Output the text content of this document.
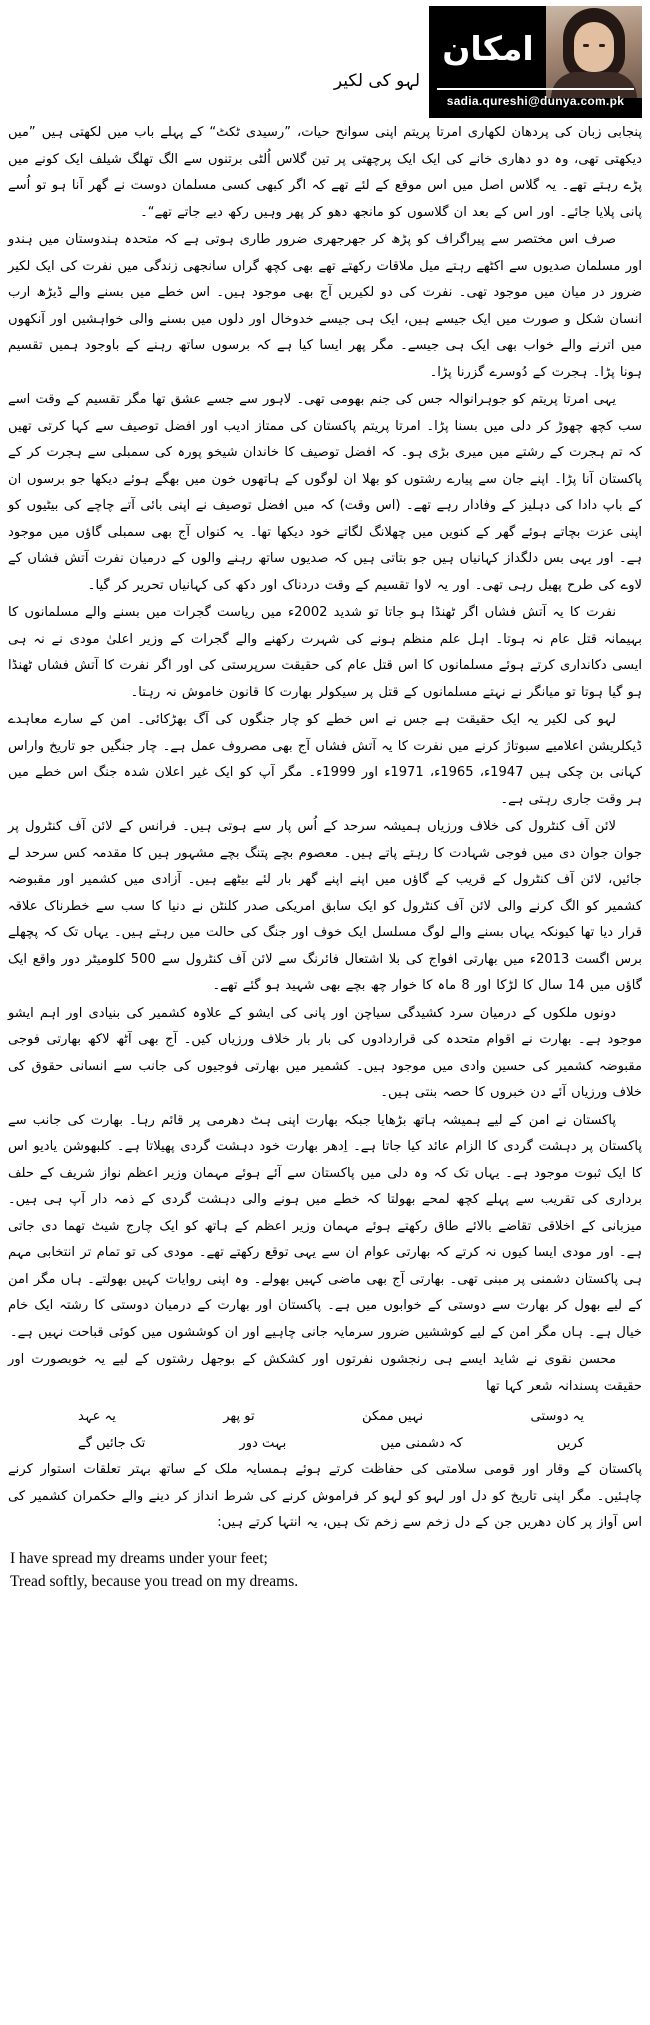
امکان
sadia.qureshi@dunya.com.pk
لہو کی لکیر

پنجابی زبان کی پردھان لکھاری امرتا پریتم اپنی سوانح حیات، ”رسیدی ٹکٹ“ کے پہلے باب میں لکھتی ہیں ”میں دیکھتی تھی، وہ دو دھاری خانے کی ایک ایک پرچھتی پر تین گلاس اُلٹی برتنوں سے الگ تھلگ شیلف ایک کونے میں پڑے رہتے تھے۔ یہ گلاس اصل میں اس موقع کے لئے تھے کہ اگر کبھی کسی مسلمان دوست نے گھر آنا ہو تو اُسے پانی پلایا جائے۔ اور اس کے بعد ان گلاسوں کو مانجھ دھو کر پھر وہیں رکھ دیے جاتے تھے“۔

صرف اس مختصر سے پیراگراف کو پڑھ کر جھرجھری ضرور طاری ہوتی ہے کہ متحدہ ہندوستان میں ہندو اور مسلمان صدیوں سے اکٹھے رہتے میل ملاقات رکھتے تھے بھی کچھ گراں سانجھی زندگی میں نفرت کی ایک لکیر ضرور در میان میں موجود تھی۔ نفرت کی دو لکیریں آج بھی موجود ہیں۔ اس خطے میں بسنے والے ڈیڑھ ارب انسان شکل و صورت میں ایک جیسے ہیں، ایک ہی جیسے خدوخال اور دلوں میں بسنے والی خواہشیں اور آنکھوں میں اترنے والے خواب بھی ایک ہی جیسے۔ مگر پھر ایسا کیا ہے کہ برسوں ساتھ رہنے کے باوجود ہمیں تقسیم ہونا پڑا۔ ہجرت کے دُوسرے گزرنا پڑا۔

یہی امرتا پریتم کو جوہرانوالہ جس کی جنم بھومی تھی۔ لاہور سے جسے عشق تھا مگر تقسیم کے وقت اسے سب کچھ چھوڑ کر دلی میں بسنا پڑا۔ امرتا پریتم پاکستان کی ممتاز ادیب اور افضل توصیف سے کہا کرتی تھیں کہ تم ہجرت کے رشتے میں میری بڑی ہو۔ کہ افضل توصیف کا خاندان شیخو پورہ کی سمبلی سے ہجرت کر کے پاکستان آنا پڑا۔ اپنے جان سے پیارے رشتوں کو بھلا ان لوگوں کے ہاتھوں خون میں بھگے ہوئے دیکھا جو برسوں ان کے باپ دادا کی دہلیز کے وفادار رہے تھے۔ (اس وقت) کہ میں افضل توصیف نے اپنی بائی آتے چاچے کی بیٹیوں کو اپنی عزت بچاتے ہوئے گھر کے کنویں میں چھلانگ لگاتے خود دیکھا تھا۔ یہ کنواں آج بھی سمبلی گاؤں میں موجود ہے۔ اور یہی بس دلگداز کہانیاں ہیں جو بتاتی ہیں کہ صدیوں ساتھ رہنے والوں کے درمیان نفرت آتش فشاں کے لاوے کی طرح پھیل رہی تھی۔ اور یہ لاوا تقسیم کے وقت دردناک اور دکھ کی کہانیاں تحریر کر گیا۔

نفرت کا یہ آتش فشاں اگر ٹھنڈا ہو جاتا تو شدید 2002ء میں ریاست گجرات میں بسنے والے مسلمانوں کا بہیمانہ قتل عام نہ ہوتا۔ اہل علم منظم ہونے کی شہرت رکھنے والے گجرات کے وزیر اعلیٰ مودی نے نہ ہی ایسی دکانداری کرتے ہوئے مسلمانوں کا اس قتل عام کی حقیقت سرپرستی کی اور اگر نفرت کا آتش فشاں ٹھنڈا ہو گیا ہوتا تو میانگر نے نہتے مسلمانوں کے قتل پر سیکولر بھارت کا قانون خاموش نہ رہتا۔

لہو کی لکیر یہ ایک حقیقت ہے جس نے اس خطے کو چار جنگوں کی آگ بھڑکائی۔ امن کے سارے معاہدے ڈیکلریشن اعلامیے سبوتاژ کرنے میں نفرت کا یہ آتش فشاں آج بھی مصروف عمل ہے۔ چار جنگیں جو تاریخ واراس کہانی بن چکی ہیں 1947ء، 1965ء، 1971ء اور 1999ء۔ مگر آپ کو ایک غیر اعلان شدہ جنگ اس خطے میں ہر وقت جاری رہتی ہے۔

لائن آف کنٹرول کی خلاف ورزیاں ہمیشہ سرحد کے اُس پار سے ہوتی ہیں۔ فرانس کے لائن آف کنٹرول پر جوان جوان دی میں فوجی شہادت کا رہتے پاتے ہیں۔ معصوم بچے پتنگ بچے مشہور ہیں کا مقدمہ کس سرحد لے جائیں، لائن آف کنٹرول کے قریب کے گاؤں میں اپنے اپنے گھر بار لئے بیٹھے ہیں۔ آزادی میں کشمیر اور مقبوضہ کشمیر کو الگ کرنے والی لائن آف کنٹرول کو ایک سابق امریکی صدر کلنٹن نے دنیا کا سب سے خطرناک علاقہ قرار دیا تھا کیونکہ یہاں بسنے والے لوگ مسلسل ایک خوف اور جنگ کی حالت میں رہتے ہیں۔ یہاں تک کہ پچھلے برس اگست 2013ء میں بھارتی افواج کی بلا اشتعال فائرنگ سے لائن آف کنٹرول سے 500 کلومیٹر دور واقع ایک گاؤں میں 14 سال کا لڑکا اور 8 ماہ کا خوار چھ بچے بھی شہید ہو گئے تھے۔

دونوں ملکوں کے درمیان سرد کشیدگی سیاچن اور پانی کی ایشو کے علاوہ کشمیر کی بنیادی اور اہم ایشو موجود ہے۔ بھارت نے اقوام متحدہ کی قراردادوں کی بار بار خلاف ورزیاں کیں۔ آج بھی آٹھ لاکھ بھارتی فوجی مقبوضہ کشمیر کی حسین وادی میں موجود ہیں۔ کشمیر میں بھارتی فوجیوں کی جانب سے انسانی حقوق کی خلاف ورزیاں آئے دن خبروں کا حصہ بنتی ہیں۔

پاکستان نے امن کے لیے ہمیشہ ہاتھ بڑھایا جبکہ بھارت اپنی ہٹ دھرمی پر قائم رہا۔ بھارت کی جانب سے پاکستان پر دہشت گردی کا الزام عائد کیا جاتا ہے۔ اِدھر بھارت خود دہشت گردی پھیلاتا ہے۔ کلبھوشن یادیو اس کا ایک ثبوت موجود ہے۔ یہاں تک کہ وہ دلی میں پاکستان سے آئے ہوئے مہمان وزیر اعظم نواز شریف کے حلف برداری کی تقریب سے پہلے کچھ لمحے بھولتا کہ خطے میں ہونے والی دہشت گردی کے ذمہ دار آپ ہی ہیں۔ میزبانی کے اخلاقی تقاضے بالائے طاق رکھتے ہوئے مہمان وزیر اعظم کے ہاتھ کو ایک چارج شیٹ تھما دی جاتی ہے۔ اور مودی ایسا کیوں نہ کرتے کہ بھارتی عوام ان سے یہی توقع رکھتے تھے۔ مودی کی تو تمام تر انتخابی مہم ہی پاکستان دشمنی پر مبنی تھی۔ بھارتی آج بھی ماضی کہیں بھولے۔ وہ اپنی روایات کہیں بھولتے۔ ہاں مگر امن کے لیے بھول کر بھارت سے دوستی کے خوابوں میں ہے۔ پاکستان اور بھارت کے درمیان دوستی کا رشتہ ایک خام خیال ہے۔ ہاں مگر امن کے لیے کوششیں ضرور سرمایہ جانی چاہیے اور ان کوششوں میں کوئی قباحت نہیں ہے۔

محسن نقوی نے شاید ایسے ہی رنجشوں نفرتوں اور کشکش کے بوجھل رشتوں کے لیے یہ خوبصورت اور حقیقت پسندانہ شعر کہا تھا

یہ دوستی
نہیں ممکن
تو پھر
یہ عہد
کریں
کہ دشمنی میں
بہت دور
تک جائیں گے

پاکستان کے وقار اور قومی سلامتی کی حفاظت کرتے ہوئے ہمسایہ ملک کے ساتھ بہتر تعلقات استوار کرنے چاہئیں۔ مگر اپنی تاریخ کو دل اور لہو کو لہو کر فراموش کرنے کی شرط انداز کر دینے والے حکمران کشمیر کی اس آواز پر کان دھریں جن کے دل زخم سے زخم تک ہیں، یہ انتہا کرتے ہیں:

I have spread my dreams under your feet;
Tread softly, because you tread on my dreams.
